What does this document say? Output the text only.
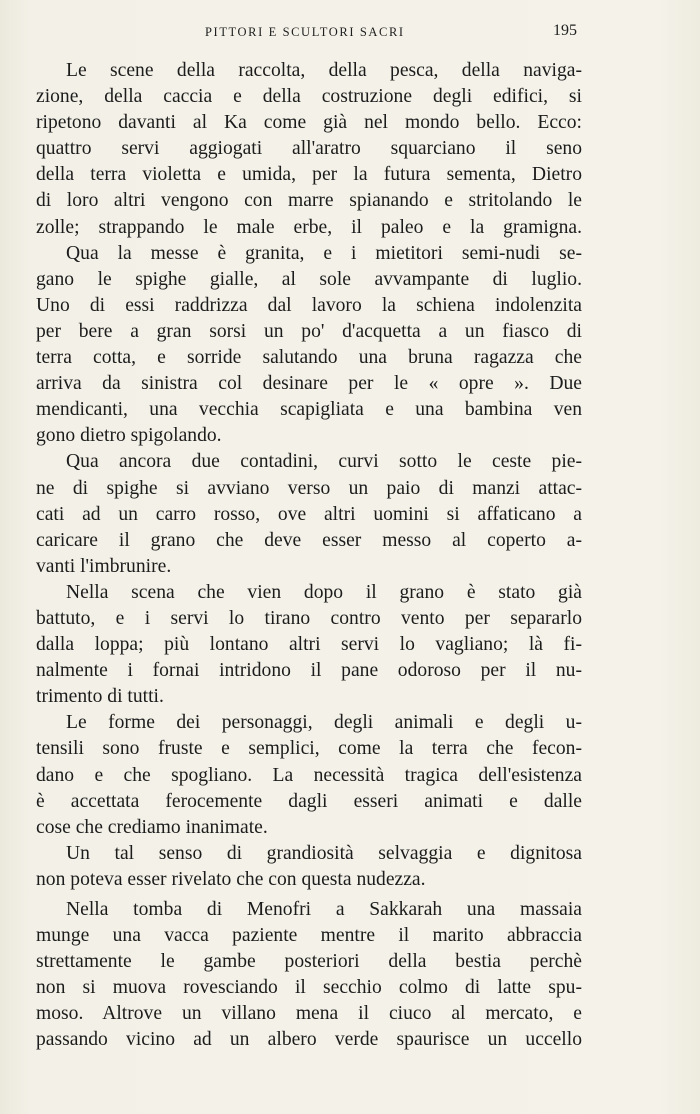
PITTORI E SCULTORI SACRI	195

Le scene della raccolta, della pesca, della naviga-
zione, della caccia e della costruzione degli edifici, si
ripetono davanti al Ka come già nel mondo bello. Ecco:
quattro servi aggiogati all'aratro squarciano il seno
della terra violetta e umida, per la futura sementa, Dietro
di loro altri vengono con marre spianando e stritolando le
zolle; strappando le male erbe, il paleo e la gramigna.

Qua la messe è granita, e i mietitori semi-nudi se-
gano le spighe gialle, al sole avvampante di luglio.
Uno di essi raddrizza dal lavoro la schiena indolenzita
per bere a gran sorsi un po' d'acquetta a un fiasco di
terra cotta, e sorride salutando una bruna ragazza che
arriva da sinistra col desinare per le « opre ». Due
mendicanti, una vecchia scapigliata e una bambina ven
gono dietro spigolando.

Qua ancora due contadini, curvi sotto le ceste pie-
ne di spighe si avviano verso un paio di manzi attac-
cati ad un carro rosso, ove altri uomini si affaticano a
caricare il grano che deve esser messo al coperto a-
vanti l'imbrunire.

Nella scena che vien dopo il grano è stato già
battuto, e i servi lo tirano contro vento per separarlo
dalla loppa; più lontano altri servi lo vagliano; là fi-
nalmente i fornai intridono il pane odoroso per il nu-
trimento di tutti.

Le forme dei personaggi, degli animali e degli u-
tensili sono fruste e semplici, come la terra che fecon-
dano e che spogliano. La necessità tragica dell'esistenza
è accettata ferocemente dagli esseri animati e dalle
cose che crediamo inanimate.

Un tal senso di grandiosità selvaggia e dignitosa
non poteva esser rivelato che con questa nudezza.

Nella tomba di Menofri a Sakkarah una massaia
munge una vacca paziente mentre il marito abbraccia
strettamente le gambe posteriori della bestia perchè
non si muova rovesciando il secchio colmo di latte spu-
moso. Altrove un villano mena il ciuco al mercato, e
passando vicino ad un albero verde spaurisce un uccello
